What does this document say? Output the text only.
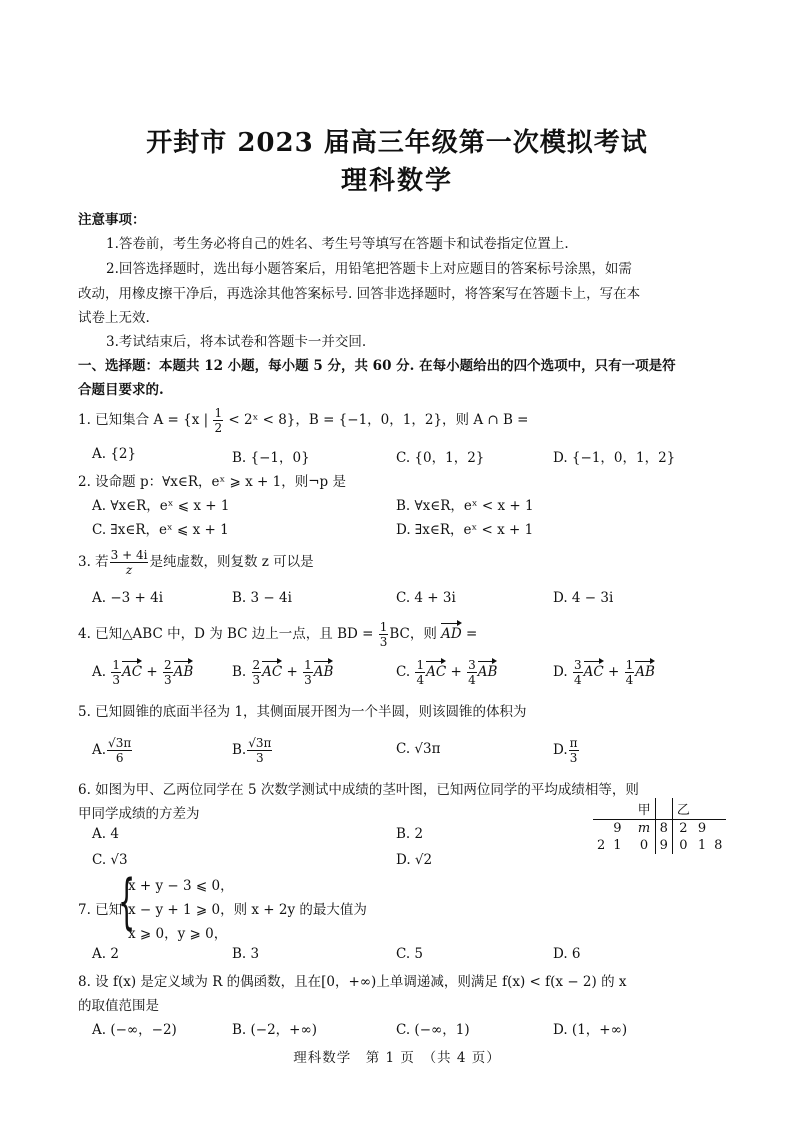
开封市 2023 届高三年级第一次模拟考试
理科数学
注意事项：
1.答卷前，考生务必将自己的姓名、考生号等填写在答题卡和试卷指定位置上.
2.回答选择题时，选出每小题答案后，用铅笔把答题卡上对应题目的答案标号涂黑，如需
改动，用橡皮擦干净后，再选涂其他答案标号. 回答非选择题时，将答案写在答题卡上，写在本
试卷上无效.
3.考试结束后，将本试卷和答题卡一并交回.
一、选择题：本题共 12 小题，每小题 5 分，共 60 分. 在每小题给出的四个选项中，只有一项是符
合题目要求的.
1. 已知集合 A = {x | $\frac{1}{2}$ < 2ˣ < 8}，B = {−1，0，1，2}，则 A ∩ B =
A. {2}	B. {−1，0}	C. {0，1，2}	D. {−1，0，1，2}
2. 设命题 p：∀x∈R，eˣ ⩾ x + 1，则¬p 是
A. ∀x∈R，eˣ ⩽ x + 1	B. ∀x∈R，eˣ < x + 1
C. ∃x∈R，eˣ ⩽ x + 1	D. ∃x∈R，eˣ < x + 1
3. 若 $\frac{3 + 4i}{z}$ 是纯虚数，则复数 z 可以是
A. −3 + 4i	B. 3 − 4i	C. 4 + 3i	D. 4 − 3i
4. 已知△ABC 中，D 为 BC 边上一点，且 BD = $\frac{1}{3}$ BC，则 AD =
A. $\frac{1}{3}$ AC + $\frac{2}{3}$ AB	B. $\frac{2}{3}$ AC + $\frac{1}{3}$ AB	C. $\frac{1}{4}$ AC + $\frac{3}{4}$ AB	D. $\frac{3}{4}$ AC + $\frac{1}{4}$ AB
5. 已知圆锥的底面半径为 1，其侧面展开图为一个半圆，则该圆锥的体积为
A. $\frac{√3\pi}{6}$	B. $\frac{√3\pi}{3}$	C. √3π	D. $\frac{\pi}{3}$
6. 如图为甲、乙两位同学在 5 次数学测试中成绩的茎叶图，已知两位同学的平均成绩相等，则
甲同学成绩的方差为
A. 4	B. 2
C. √3	D. √2
			甲		乙		
	9		m	8	2	9	
2	1		0	9	0	1	8
7. 已知
{
x + y − 3 ⩽ 0，
x − y + 1 ⩾ 0，则 x + 2y 的最大值为
x ⩾ 0，y ⩾ 0，
A. 2	B. 3	C. 5	D. 6
8. 设 f(x) 是定义域为 R 的偶函数，且在[0，+∞)上单调递减，则满足 f(x) < f(x − 2) 的 x
的取值范围是
A. (−∞，−2)	B. (−2，+∞)	C. (−∞，1)	D. (1，+∞)
理科数学　第 1 页　（共 4 页）
